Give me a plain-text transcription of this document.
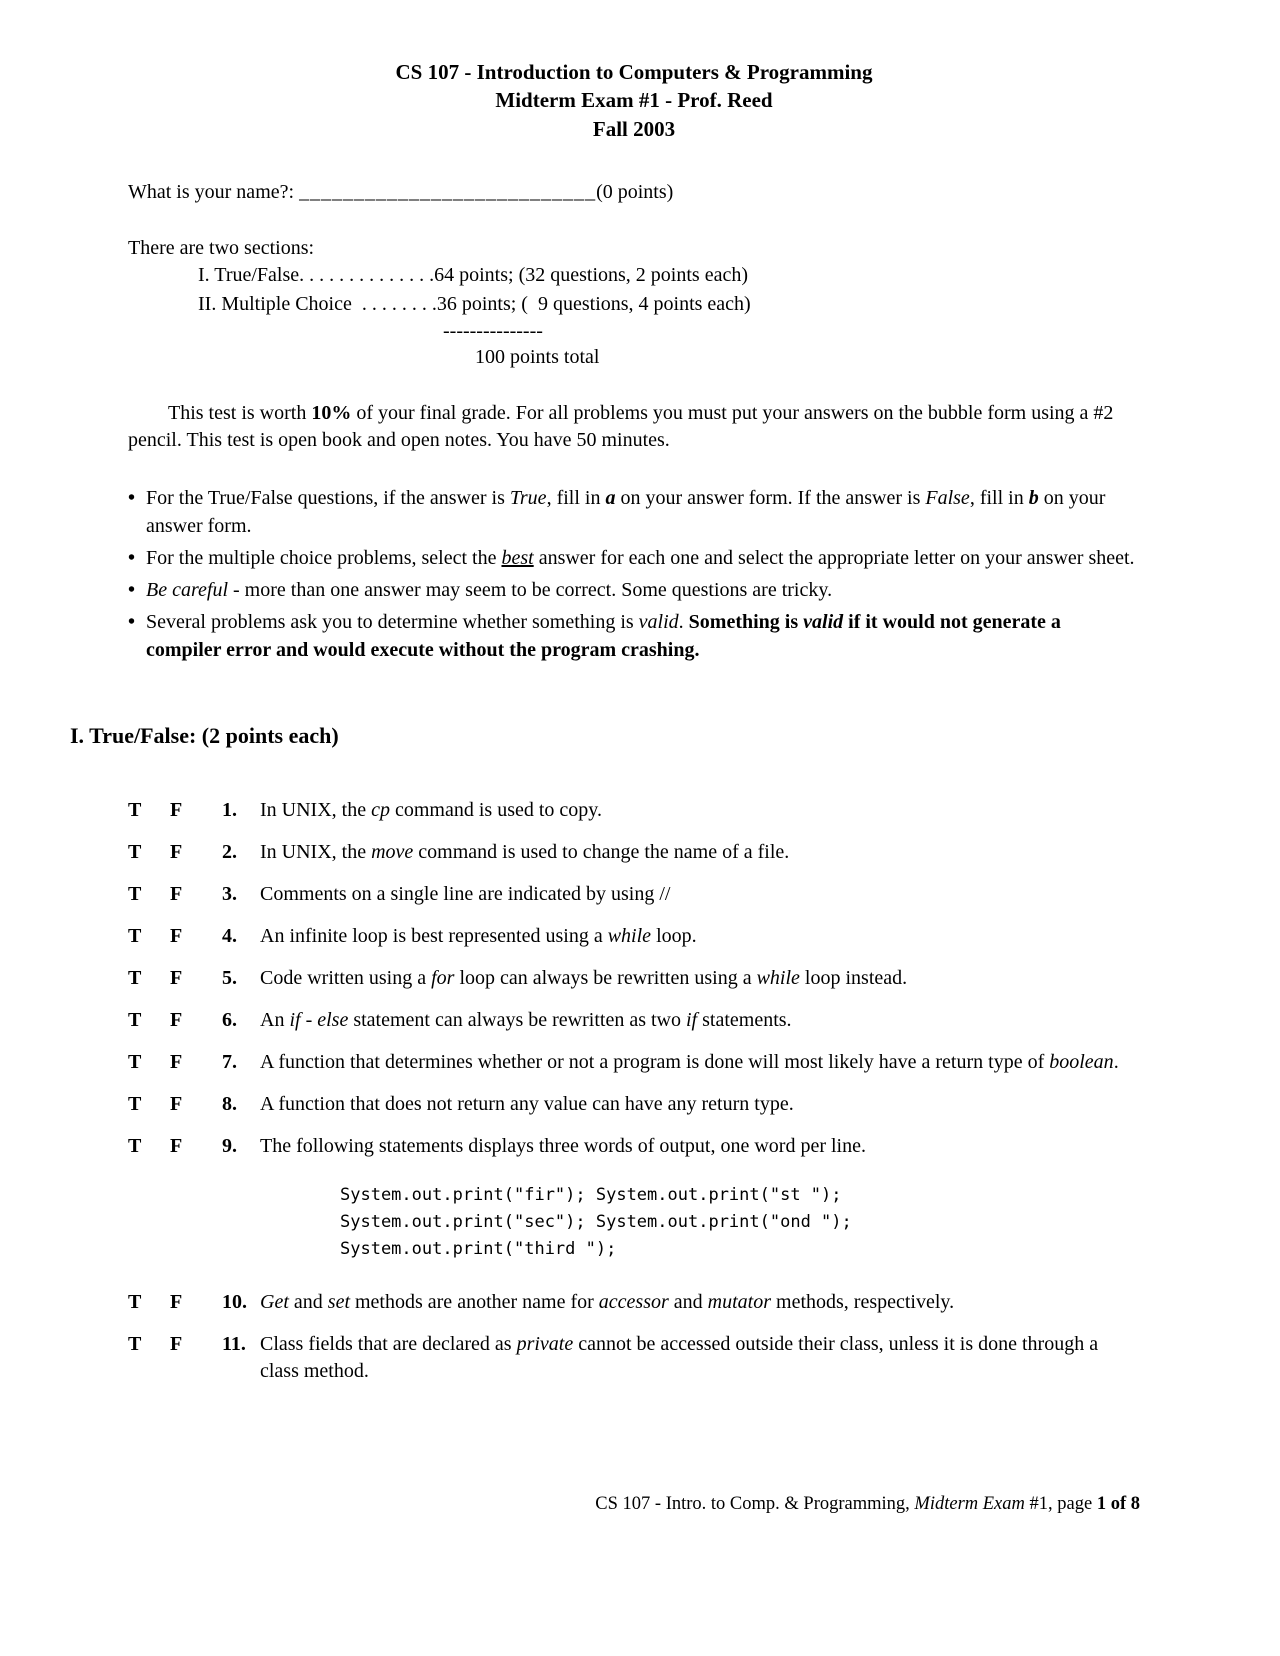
CS 107 - Introduction to Computers & Programming
Midterm Exam #1 - Prof. Reed
Fall 2003
What is your name?: ___________________________(0 points)
There are two sections:
I. True/False. . . . . . . . . . . . . .64 points; (32 questions, 2 points each)
II. Multiple Choice  . . . . . . . .36 points; (  9 questions, 4 points each)
---------------
100 points total

This test is worth 10% of your final grade. For all problems you must put your answers on the bubble form using a #2 pencil. This test is open book and open notes. You have 50 minutes.

• For the True/False questions, if the answer is True, fill in a on your answer form. If the answer is False, fill in b on your answer form.
• For the multiple choice problems, select the best answer for each one and select the appropriate letter on your answer sheet.
• Be careful - more than one answer may seem to be correct. Some questions are tricky.
• Several problems ask you to determine whether something is valid. Something is valid if it would not generate a compiler error and would execute without the program crashing.
I. True/False: (2 points each)
T	F	1.	In UNIX, the cp command is used to copy.
T	F	2.	In UNIX, the move command is used to change the name of a file.
T	F	3.	Comments on a single line are indicated by using //
T	F	4.	An infinite loop is best represented using a while loop.
T	F	5.	Code written using a for loop can always be rewritten using a while loop instead.
T	F	6.	An if - else statement can always be rewritten as two if statements.
T	F	7.	A function that determines whether or not a program is done will most likely have a return type of boolean.
T	F	8.	A function that does not return any value can have any return type.
T	F	9.	The following statements displays three words of output, one word per line.
System.out.print("fir"); System.out.print("st ");
System.out.print("sec"); System.out.print("ond ");
System.out.print("third ");
T	F	10. Get and set methods are another name for accessor and mutator methods, respectively.
T	F	11. Class fields that are declared as private cannot be accessed outside their class, unless it is done through a class method.
CS 107 - Intro. to Comp. & Programming, Midterm Exam #1, page 1 of 8
